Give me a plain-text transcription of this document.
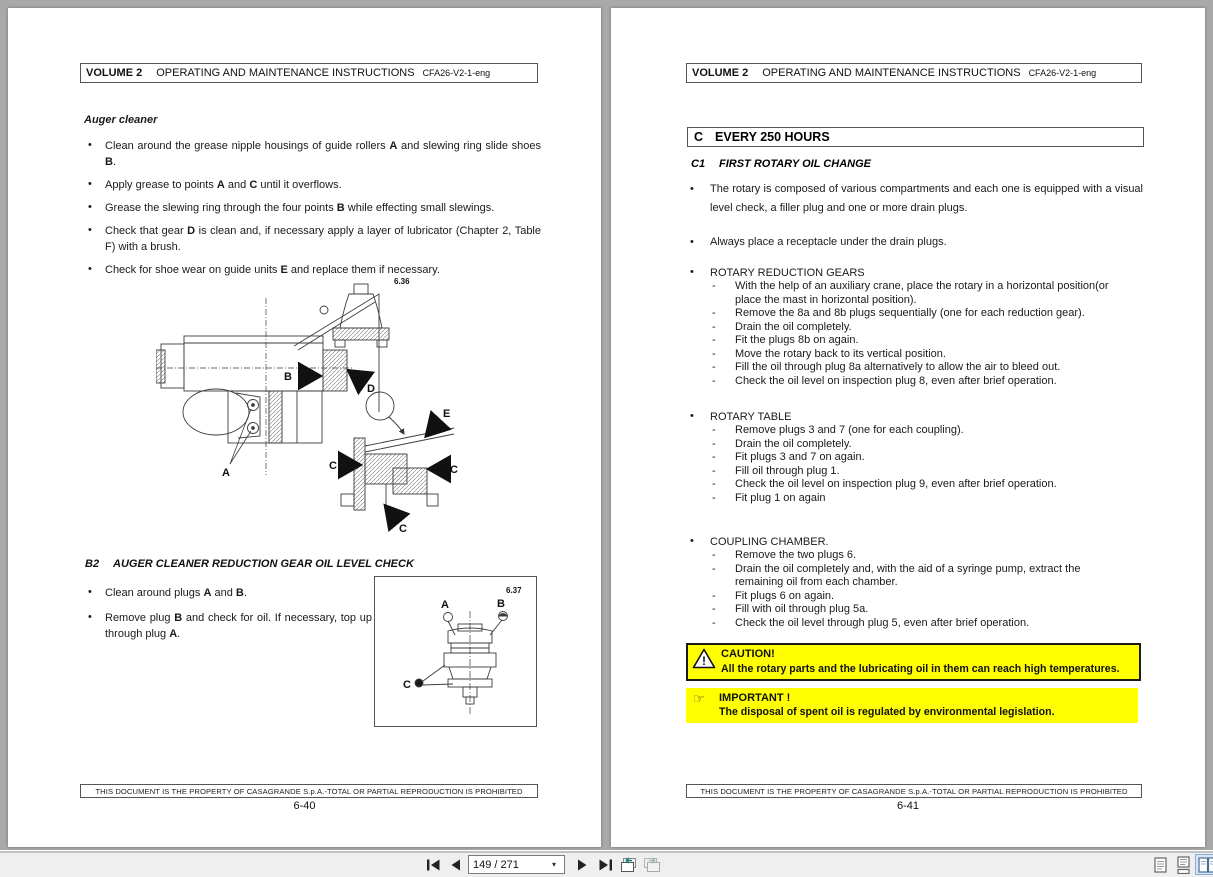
VOLUME 2 OPERATING AND MAINTENANCE INSTRUCTIONS CFA26-V2-1-eng
Auger cleaner
• Clean around the grease nipple housings of guide rollers A and slewing ring slide shoes B.

• Apply grease to points A and C until it overflows.

• Grease the slewing ring through the four points B while effecting small slewings.

• Check that gear D is clean and, if necessary apply a layer of lubricator (Chapter 2, Table F) with a brush.

• Check for shoe wear on guide units E and replace them if necessary.

6.36
A
B
D
E
C	C
C
B2	AUGER CLEANER REDUCTION GEAR OIL LEVEL CHECK
• Clean around plugs A and B.

• Remove plug B and check for oil. If necessary, top up through plug A.

6.37
A	B
C
THIS DOCUMENT IS THE PROPERTY OF CASAGRANDE S.p.A.-TOTAL OR PARTIAL REPRODUCTION IS PROHIBITED
6-40
VOLUME 2 OPERATING AND MAINTENANCE INSTRUCTIONS CFA26-V2-1-eng
C EVERY 250 HOURS
C1	FIRST ROTARY OIL CHANGE
• The rotary is composed of various compartments and each one is equipped with a visual level check, a filler plug and one or more drain plugs.

• Always place a receptacle under the drain plugs.

• ROTARY REDUCTION GEARS
- With the help of an auxiliary crane, place the rotary in a horizontal position(or place the mast in horizontal position).

- Remove the 8a and 8b plugs sequentially (one for each reduction gear).

- Drain the oil completely.

- Fit the plugs 8b on again.

- Move the rotary back to its vertical position.

- Fill the oil through plug 8a alternatively to allow the air to bleed out.

- Check the oil level on inspection plug 8, even after brief operation.

• ROTARY TABLE
- Remove plugs 3 and 7 (one for each coupling).

- Drain the oil completely.

- Fit plugs 3 and 7 on again.

- Fill oil through plug 1.

- Check the oil level on inspection plug 9, even after brief operation.

- Fit plug 1 on again

• COUPLING CHAMBER.
- Remove the two plugs 6.

- Drain the oil completely and, with the aid of a syringe pump, extract the remaining oil from each chamber.

- Fit plugs 6 on again.

- Fill with oil through plug 5a.

- Check the oil level through plug 5, even after brief operation.

! CAUTION!
All the rotary parts and the lubricating oil in them can reach high temperatures.
☞ IMPORTANT !
The disposal of spent oil is regulated by environmental legislation.
THIS DOCUMENT IS THE PROPERTY OF CASAGRANDE S.p.A.-TOTAL OR PARTIAL REPRODUCTION IS PROHIBITED
6-41
149 / 271
▾
